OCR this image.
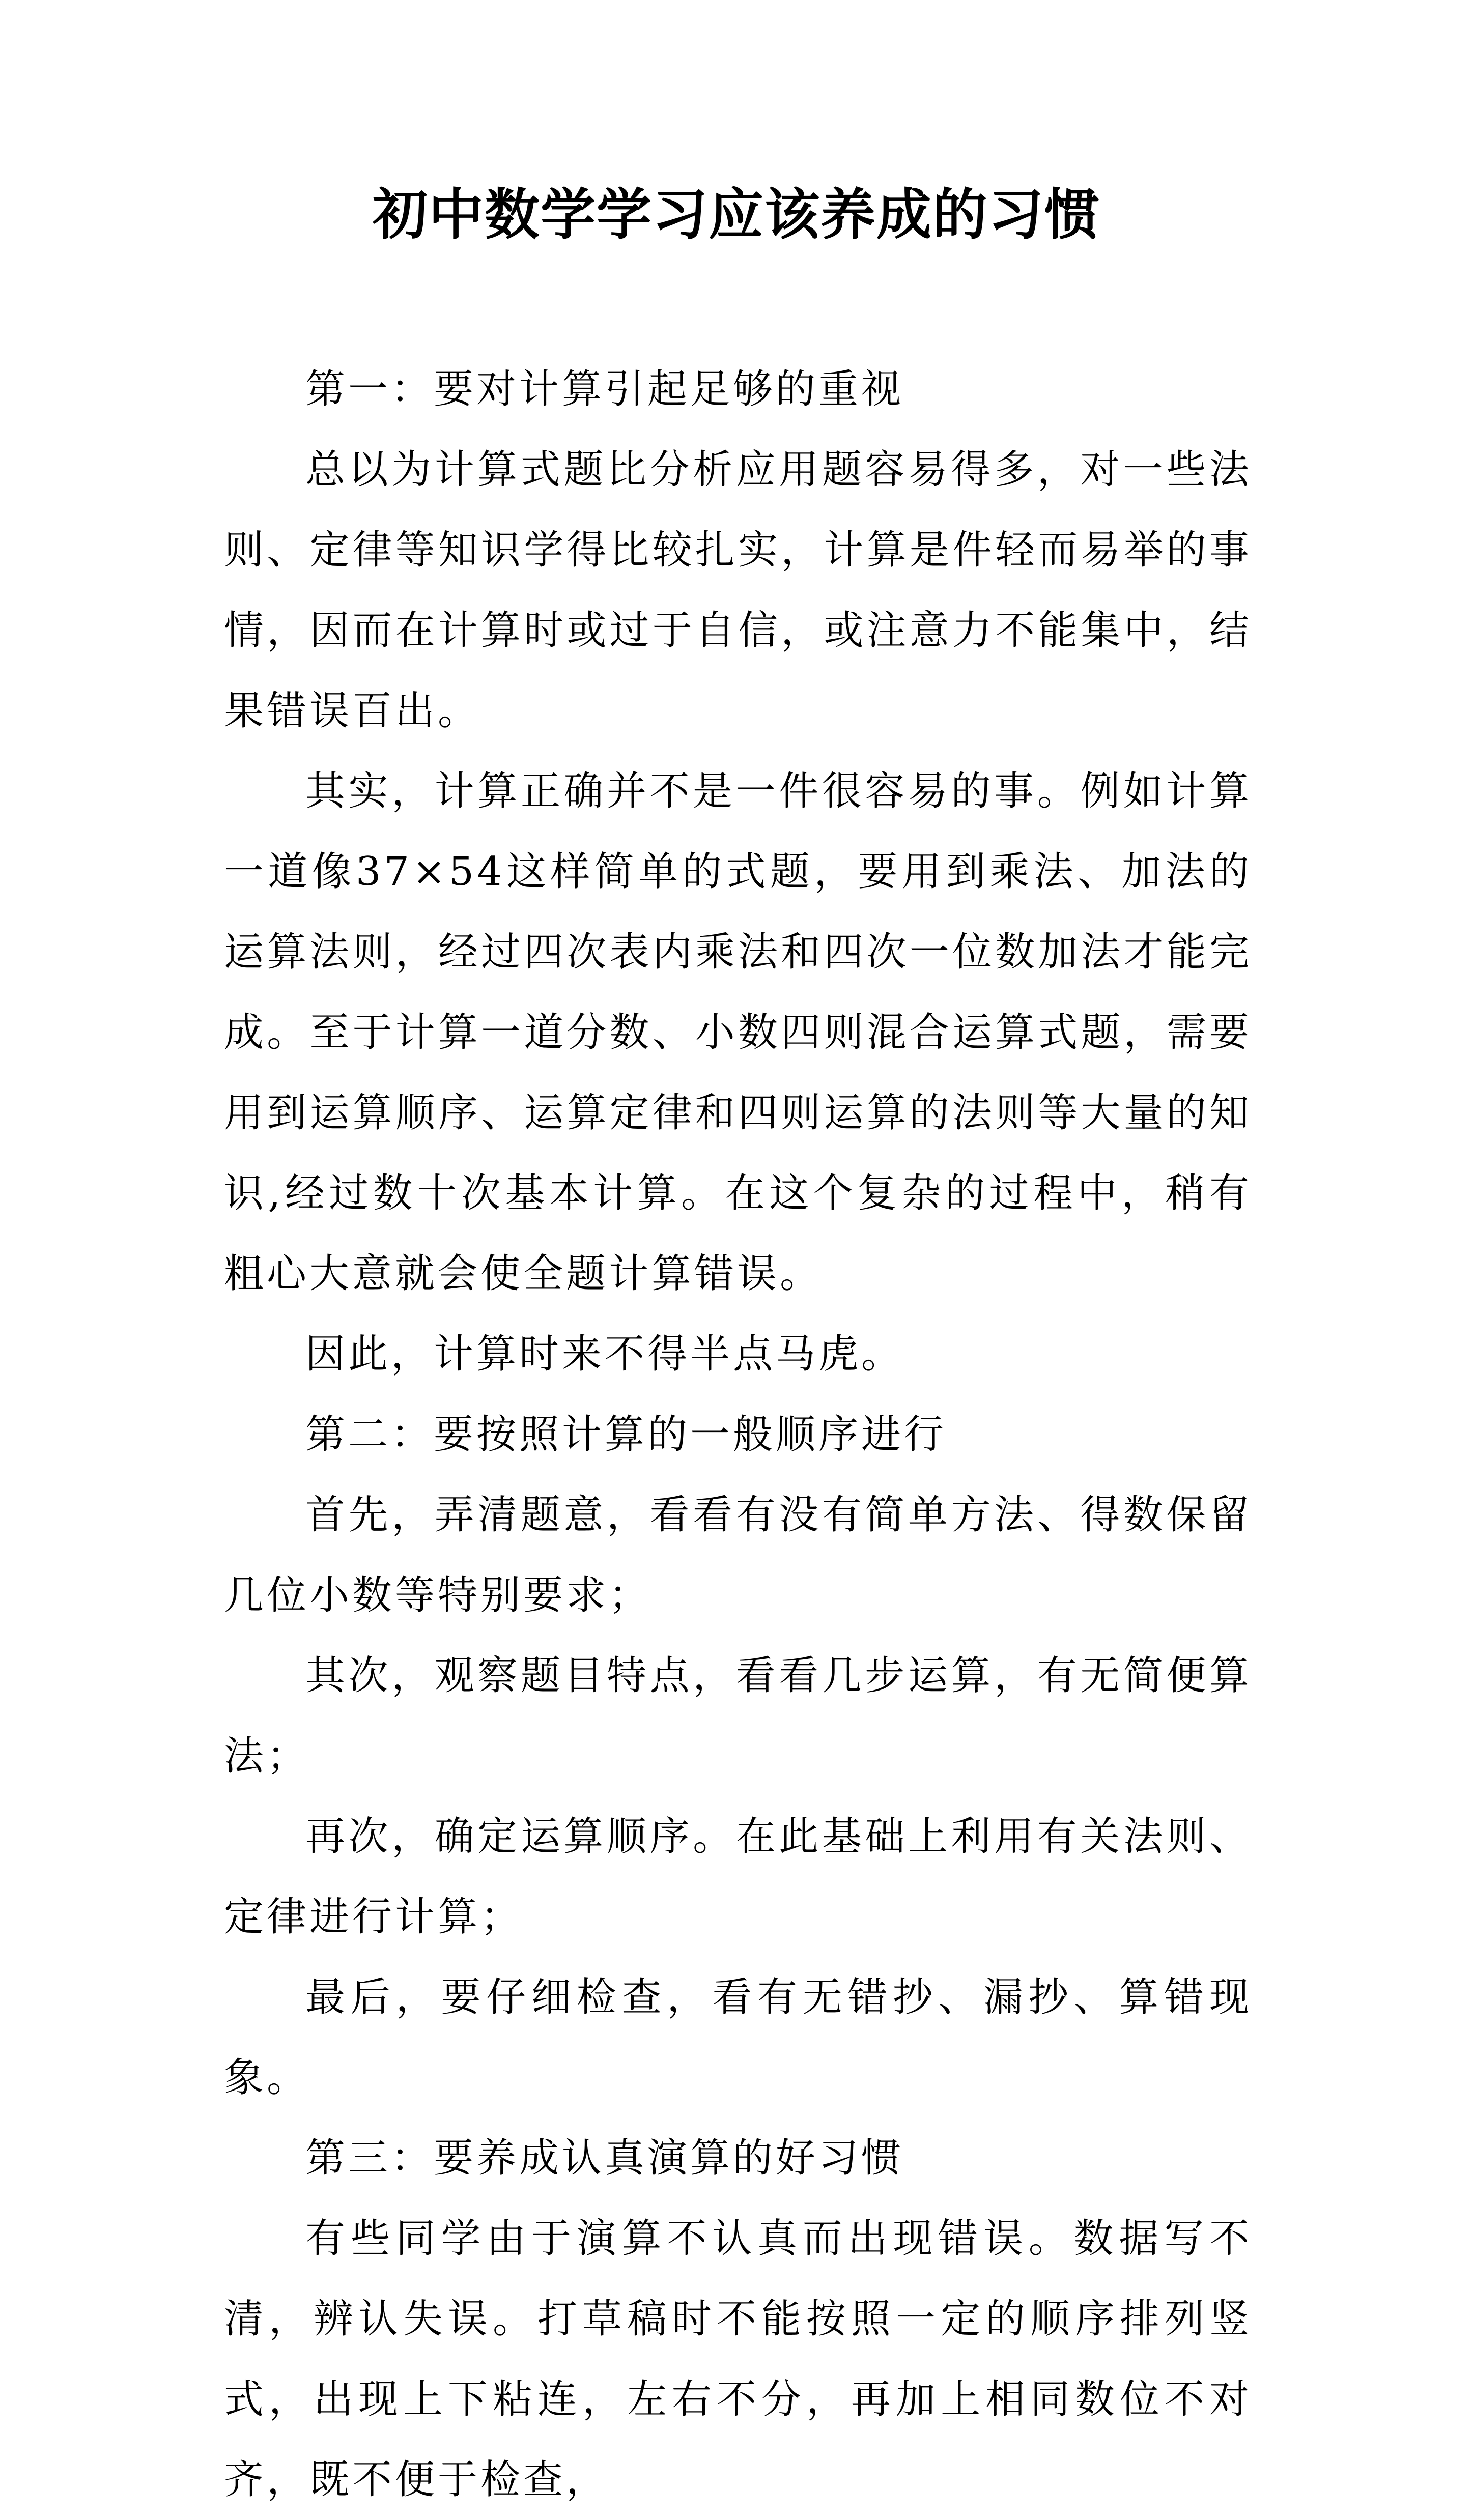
初中数学学习应该养成的习惯

第一：要对计算引起足够的重视

总以为计算式题比分析应用题容易得多，对一些法则、定律等知识学得比较扎实，计算是件轻而易举的事情，因而在计算时或过于自信，或注意力不能集中，结果错误百出。

其实，计算正确并不是一件很容易的事。例如计算一道像37×54这样简单的式题，要用到乘法、加法的运算法则，经过四次表内乘法和四次一位数加法才能完成。至于计算一道分数、小数四则混合运算式题，需要用到运算顺序、运算定律和四则运算的法则等大量的知识,经过数十次基本计算。在这个复杂的过程中，稍有粗心大意就会使全题计算错误。

因此，计算时来不得半点马虎。

第二：要按照计算的一般顺序进行

首先，弄清题意，看看有没有简单方法、得数保留几位小数等特别要求；

其次，观察题目特点，看看几步运算，有无简便算法；

再次，确定运算顺序。在此基础上利用有关法则、定律进行计算；

最后，要仔细检查，看有无错抄、漏抄、算错现象。

第三：要养成认真演算的好习惯

有些同学由于演算不认真而出现错误。数据写不清，辨认失误。打草稿时不能按照一定的顺序排列竖式，出现上下粘连，左右不分，再加上相同数位不对齐，既不便于检查，
